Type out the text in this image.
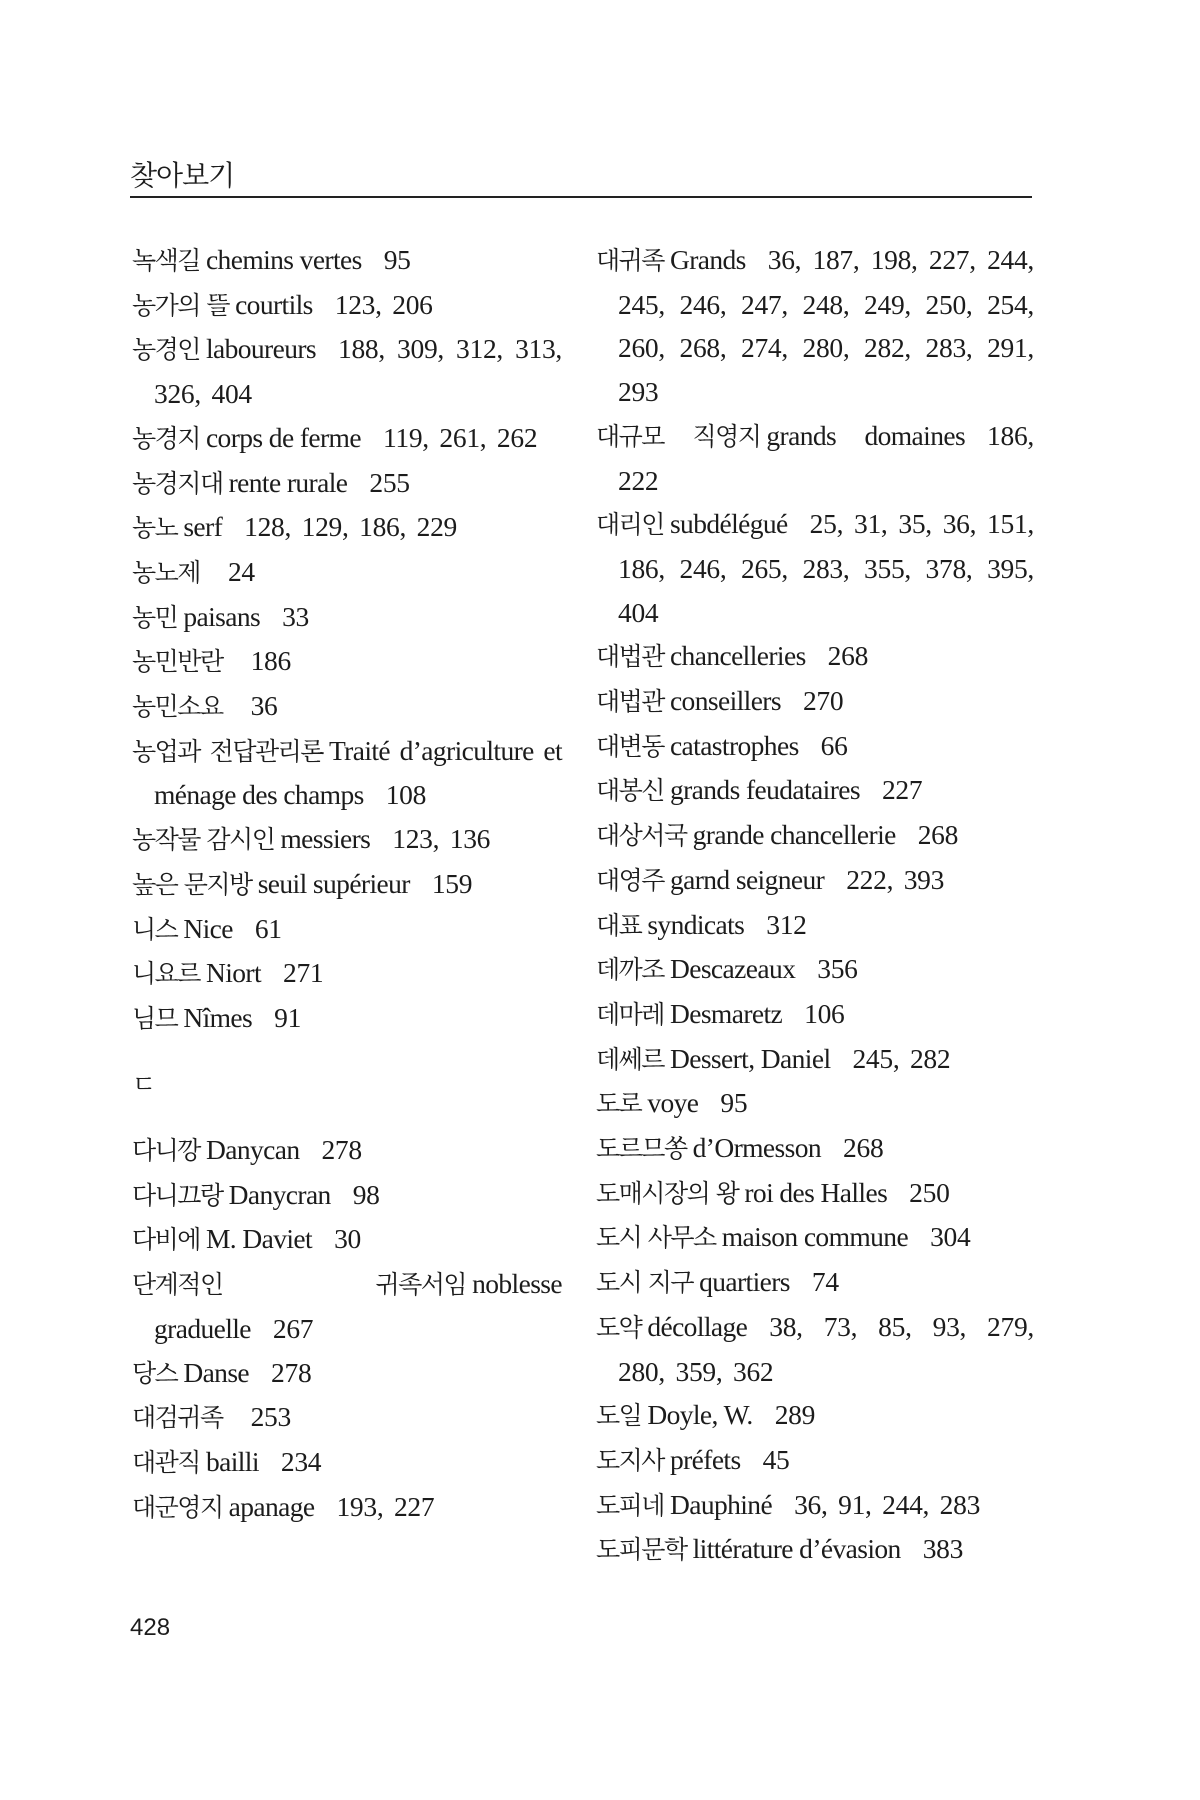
찾아보기
녹색길 chemins vertes 95
농가의 뜰 courtils 123, 206
농경인 laboureurs 188, 309, 312, 313, 326, 404
농경지 corps de ferme 119, 261, 262
농경지대 rente rurale 255
농노 serf 128, 129, 186, 229
농노제 24
농민 paisans 33
농민반란 186
농민소요 36
농업과 전답관리론 Traité d’agriculture et ménage des champs 108
농작물 감시인 messiers 123, 136
높은 문지방 seuil supérieur 159
니스 Nice 61
니요르 Niort 271
님므 Nîmes 91
ㄷ
다니깡 Danycan 278
다니끄랑 Danycran 98
다비에 M. Daviet 30
단계적인 귀족서임 noblesse graduelle 267
당스 Danse 278
대검귀족 253
대관직 bailli 234
대군영지 apanage 193, 227
대귀족 Grands 36, 187, 198, 227, 244, 245, 246, 247, 248, 249, 250, 254, 260, 268, 274, 280, 282, 283, 291, 293
대규모 직영지 grands domaines 186, 222
대리인 subdélégué 25, 31, 35, 36, 151, 186, 246, 265, 283, 355, 378, 395, 404
대법관 chancelleries 268
대법관 conseillers 270
대변동 catastrophes 66
대봉신 grands feudataires 227
대상서국 grande chancellerie 268
대영주 garnd seigneur 222, 393
대표 syndicats 312
데까조 Descazeaux 356
데마레 Desmaretz 106
데쎄르 Dessert, Daniel 245, 282
도로 voye 95
도르므쏭 d’Ormesson 268
도매시장의 왕 roi des Halles 250
도시 사무소 maison commune 304
도시 지구 quartiers 74
도약 décollage 38, 73, 85, 93, 279, 280, 359, 362
도일 Doyle, W. 289
도지사 préfets 45
도피네 Dauphiné 36, 91, 244, 283
도피문학 littérature d’évasion 383
428
